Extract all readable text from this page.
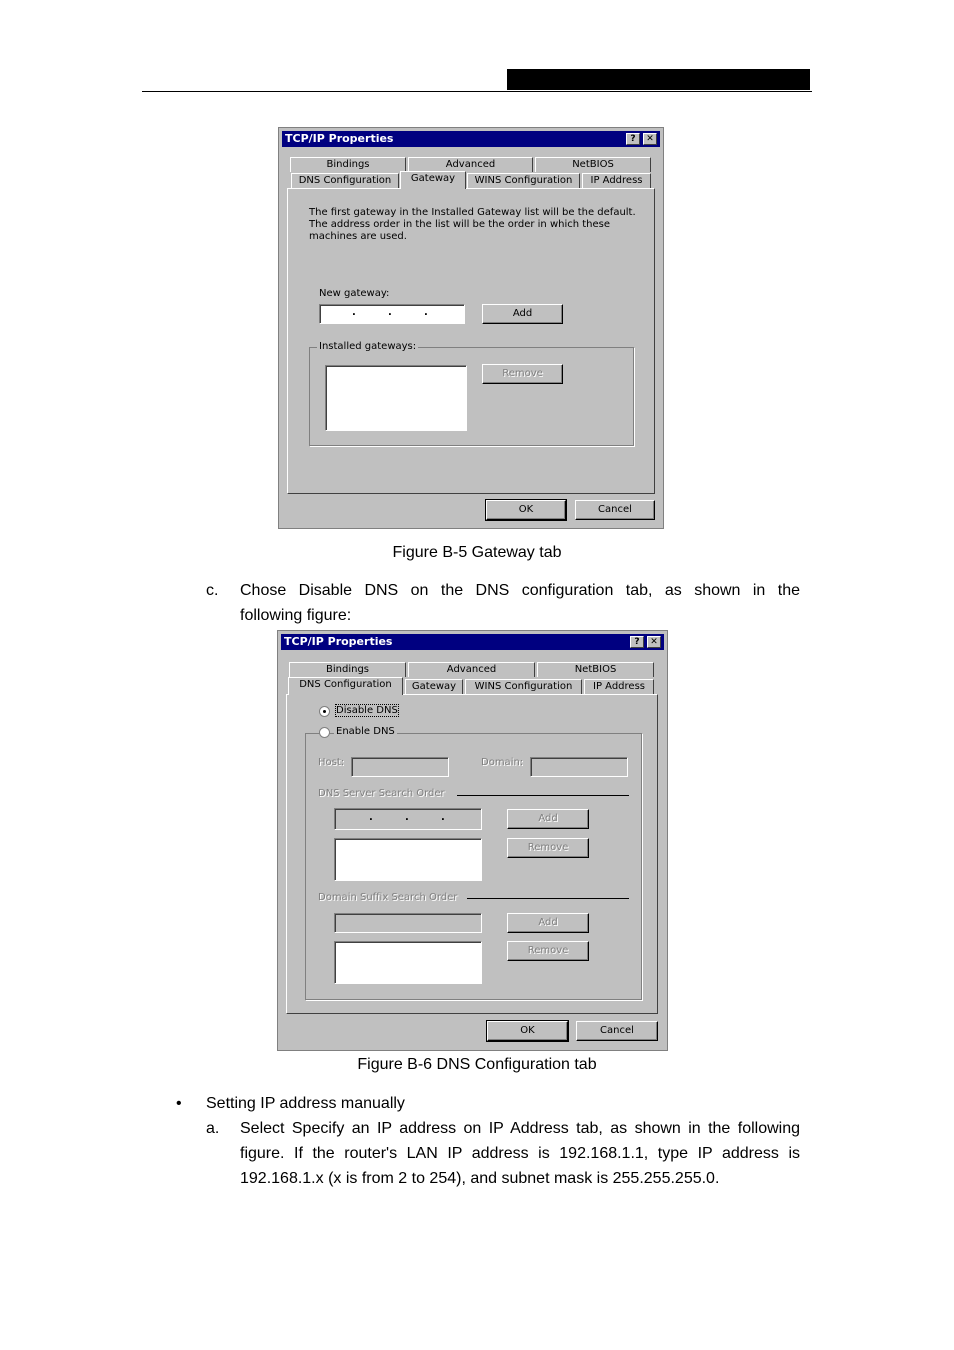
TCP/IP Properties	?	✕
Bindings	Advanced	NetBIOS
DNS Configuration	Gateway	WINS Configuration	IP Address
The first gateway in the Installed Gateway list will be the default.
The address order in the list will be the order in which these
machines are used.
New gateway:
.	.	.	Add
Installed gateways:
Remove
OK	Cancel
Figure B-5 Gateway tab
c. Chose Disable DNS on the DNS configuration tab, as shown in the
following figure:
TCP/IP Properties	?	✕
Bindings	Advanced	NetBIOS
DNS Configuration	Gateway	WINS Configuration	IP Address
Disable DNS
Enable DNS
Host:	Domain:
DNS Server Search Order
.	.	.	Add
Remove
Domain Suffix Search Order
Add
Remove
OK	Cancel
Figure B-6 DNS Configuration tab
• Setting IP address manually
a. Select Specify an IP address on IP Address tab, as shown in the following
figure. If the router's LAN IP address is 192.168.1.1, type IP address is
192.168.1.x (x is from 2 to 254), and subnet mask is 255.255.255.0.
